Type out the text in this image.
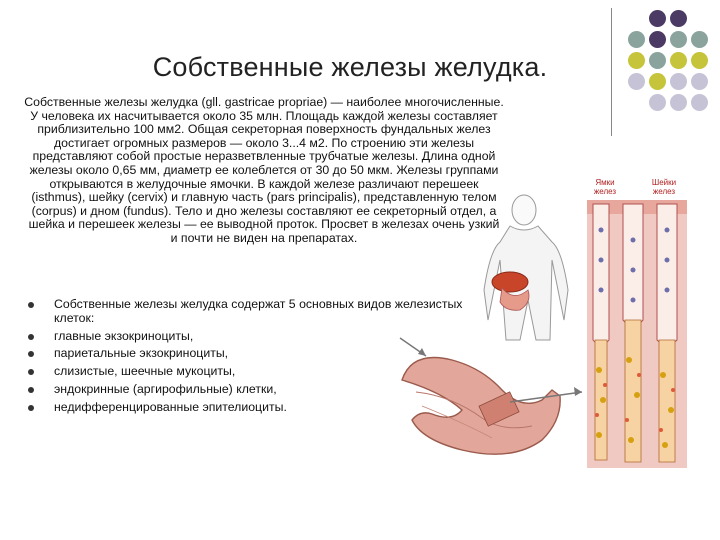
Собственные железы желудка.
Ямки желез
Шейки желез
Собственные железы желудка (gll. gastricae propriae) — наиболее многочисленные. У человека их насчитывается около 35 млн. Площадь каждой железы составляет приблизительно 100 мм2. Общая секреторная поверхность фундальных желез достигает огромных размеров — около 3...4 м2. По строению эти железы представляют собой простые неразветвленные трубчатые железы. Длина одной железы около 0,65 мм, диаметр ее колеблется от 30 до 50 мкм. Железы группами открываются в желудочные ямочки. В каждой железе различают перешеек (isthmus), шейку (cervix) и главную часть (pars principalis), представленную телом (corpus) и дном (fundus). Тело и дно железы составляют ее секреторный отдел, а шейка и перешеек железы — ее выводной проток. Просвет в железах очень узкий и почти не виден на препаратах.
Собственные железы желудка содержат 5 основных видов железистых клеток:
главные экзокриноциты,
париетальные экзокриноциты,
слизистые, шеечные мукоциты,
эндокринные (аргирофильные) клетки,
недифференцированные эпителиоциты.
